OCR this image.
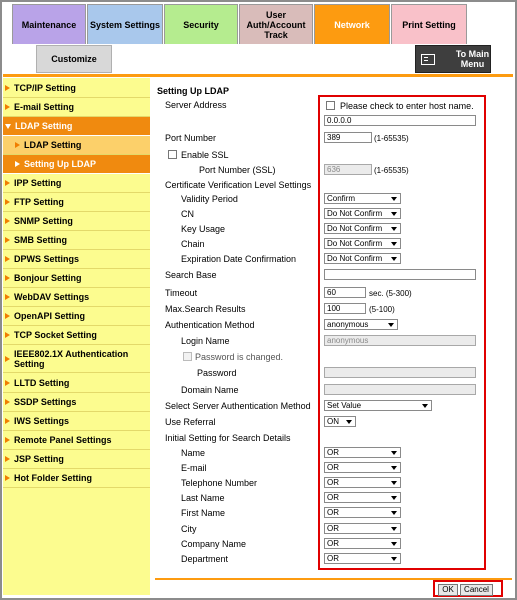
Maintenance System Settings	Security
User Auth/Account Track
Network	Print Setting
Customize	To Main Menu
TCP/IP Setting
E-mail Setting
LDAP Setting
LDAP Setting
Setting Up LDAP
IPP Setting
FTP Setting
SNMP Setting
SMB Setting
DPWS Settings
Bonjour Setting
WebDAV Settings
OpenAPI Setting
TCP Socket Setting
IEEE802.1X Authentication Setting
LLTD Setting
SSDP Settings
IWS Settings
Remote Panel Settings
JSP Setting
Hot Folder Setting
Setting Up LDAP
Server Address	Please check to enter host name.
0.0.0.0
Port Number	389	(1-65535)
Enable SSL
Port Number (SSL)	636	(1-65535)
Certificate Verification Level Settings
Validity Period	Confirm
CN	Do Not Confirm
Key Usage	Do Not Confirm
Chain	Do Not Confirm
Expiration Date Confirmation	Do Not Confirm
Search Base
Timeout	60	sec. (5-300)
Max.Search Results	100	(5-100)
Authentication Method	anonymous
Login Name	anonymous
Password is changed.
Password
Domain Name
Select Server Authentication Method	Set Value
Use Referral	ON
Initial Setting for Search Details
Name	OR
E-mail	OR
Telephone Number	OR
Last Name	OR
First Name	OR
City	OR
Company Name	OR
Department	OR
OK	Cancel
